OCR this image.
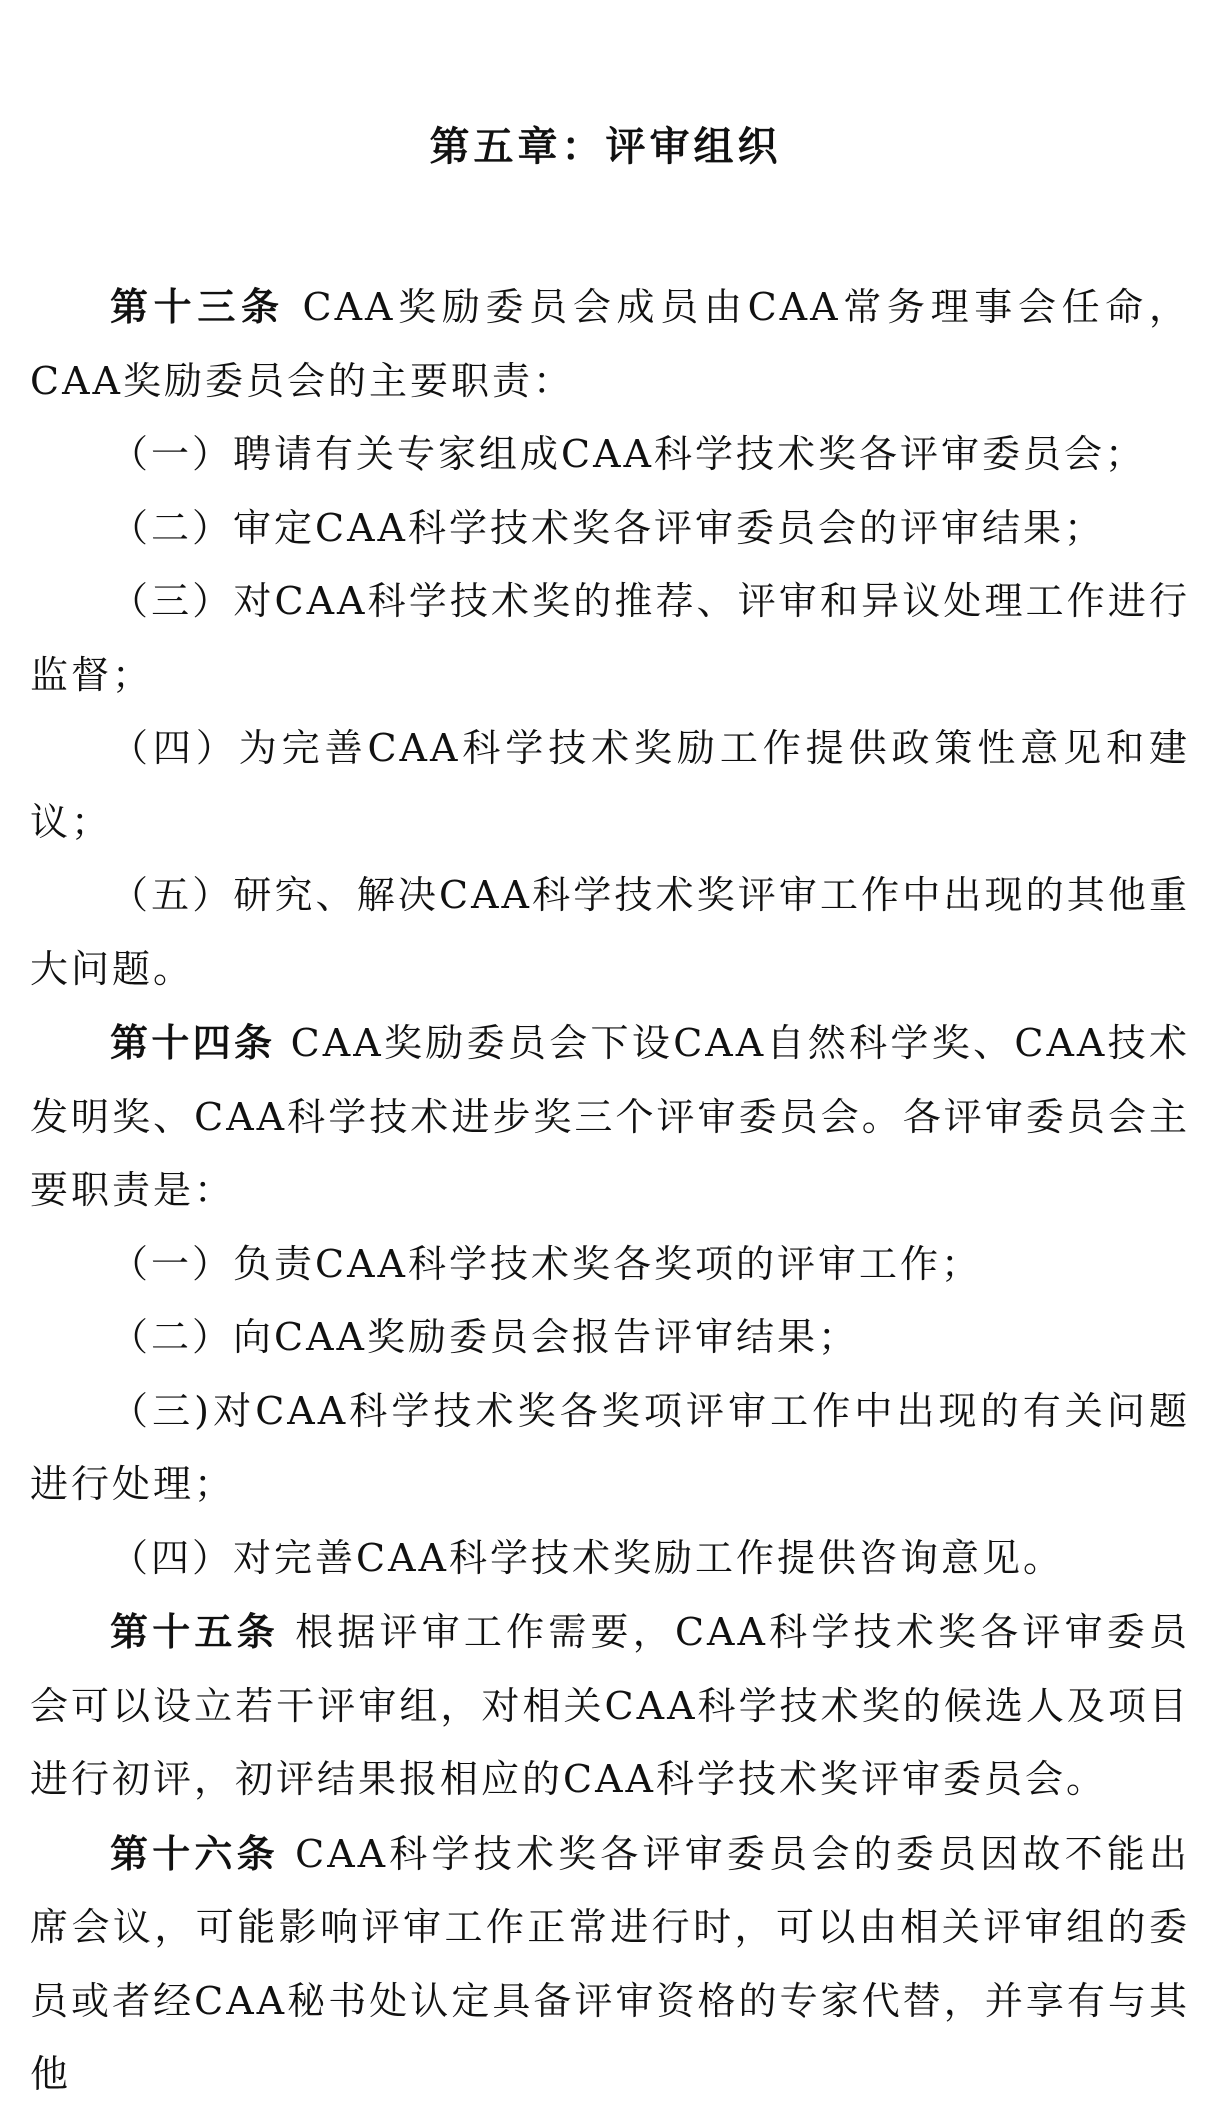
第五章：评审组织

第十三条 CAA奖励委员会成员由CAA常务理事会任命，CAA奖励委员会的主要职责：

（一）聘请有关专家组成CAA科学技术奖各评审委员会；

（二）审定CAA科学技术奖各评审委员会的评审结果；

（三）对CAA科学技术奖的推荐、评审和异议处理工作进行监督；

（四）为完善CAA科学技术奖励工作提供政策性意见和建议；

（五）研究、解决CAA科学技术奖评审工作中出现的其他重大问题。

第十四条 CAA奖励委员会下设CAA自然科学奖、CAA技术发明奖、CAA科学技术进步奖三个评审委员会。各评审委员会主要职责是：

（一）负责CAA科学技术奖各奖项的评审工作；

（二）向CAA奖励委员会报告评审结果；

（三)对CAA科学技术奖各奖项评审工作中出现的有关问题进行处理；

（四）对完善CAA科学技术奖励工作提供咨询意见。

第十五条 根据评审工作需要，CAA科学技术奖各评审委员会可以设立若干评审组，对相关CAA科学技术奖的候选人及项目进行初评，初评结果报相应的CAA科学技术奖评审委员会。

第十六条 CAA科学技术奖各评审委员会的委员因故不能出席会议，可能影响评审工作正常进行时，可以由相关评审组的委员或者经CAA秘书处认定具备评审资格的专家代替，并享有与其他
